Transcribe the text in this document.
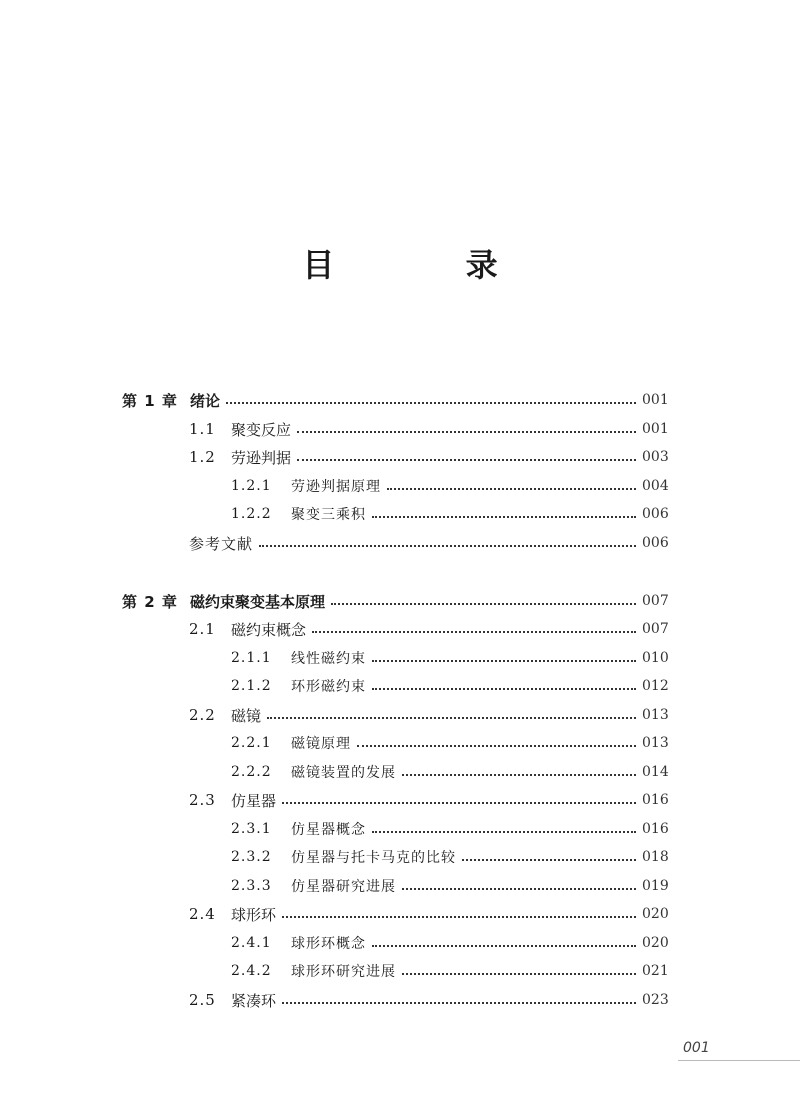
目 录
第 1 章 绪论	001
1.1	聚变反应	001
1.2	劳逊判据	003
1.2.1	劳逊判据原理	004
1.2.2	聚变三乘积	006
参考文献	006
第 2 章 磁约束聚变基本原理	007
2.1	磁约束概念	007
2.1.1	线性磁约束	010
2.1.2	环形磁约束	012
2.2	磁镜	013
2.2.1	磁镜原理	013
2.2.2	磁镜装置的发展	014
2.3	仿星器	016
2.3.1	仿星器概念	016
2.3.2	仿星器与托卡马克的比较	018
2.3.3	仿星器研究进展	019
2.4	球形环	020
2.4.1	球形环概念	020
2.4.2	球形环研究进展	021
2.5	紧凑环	023
001
